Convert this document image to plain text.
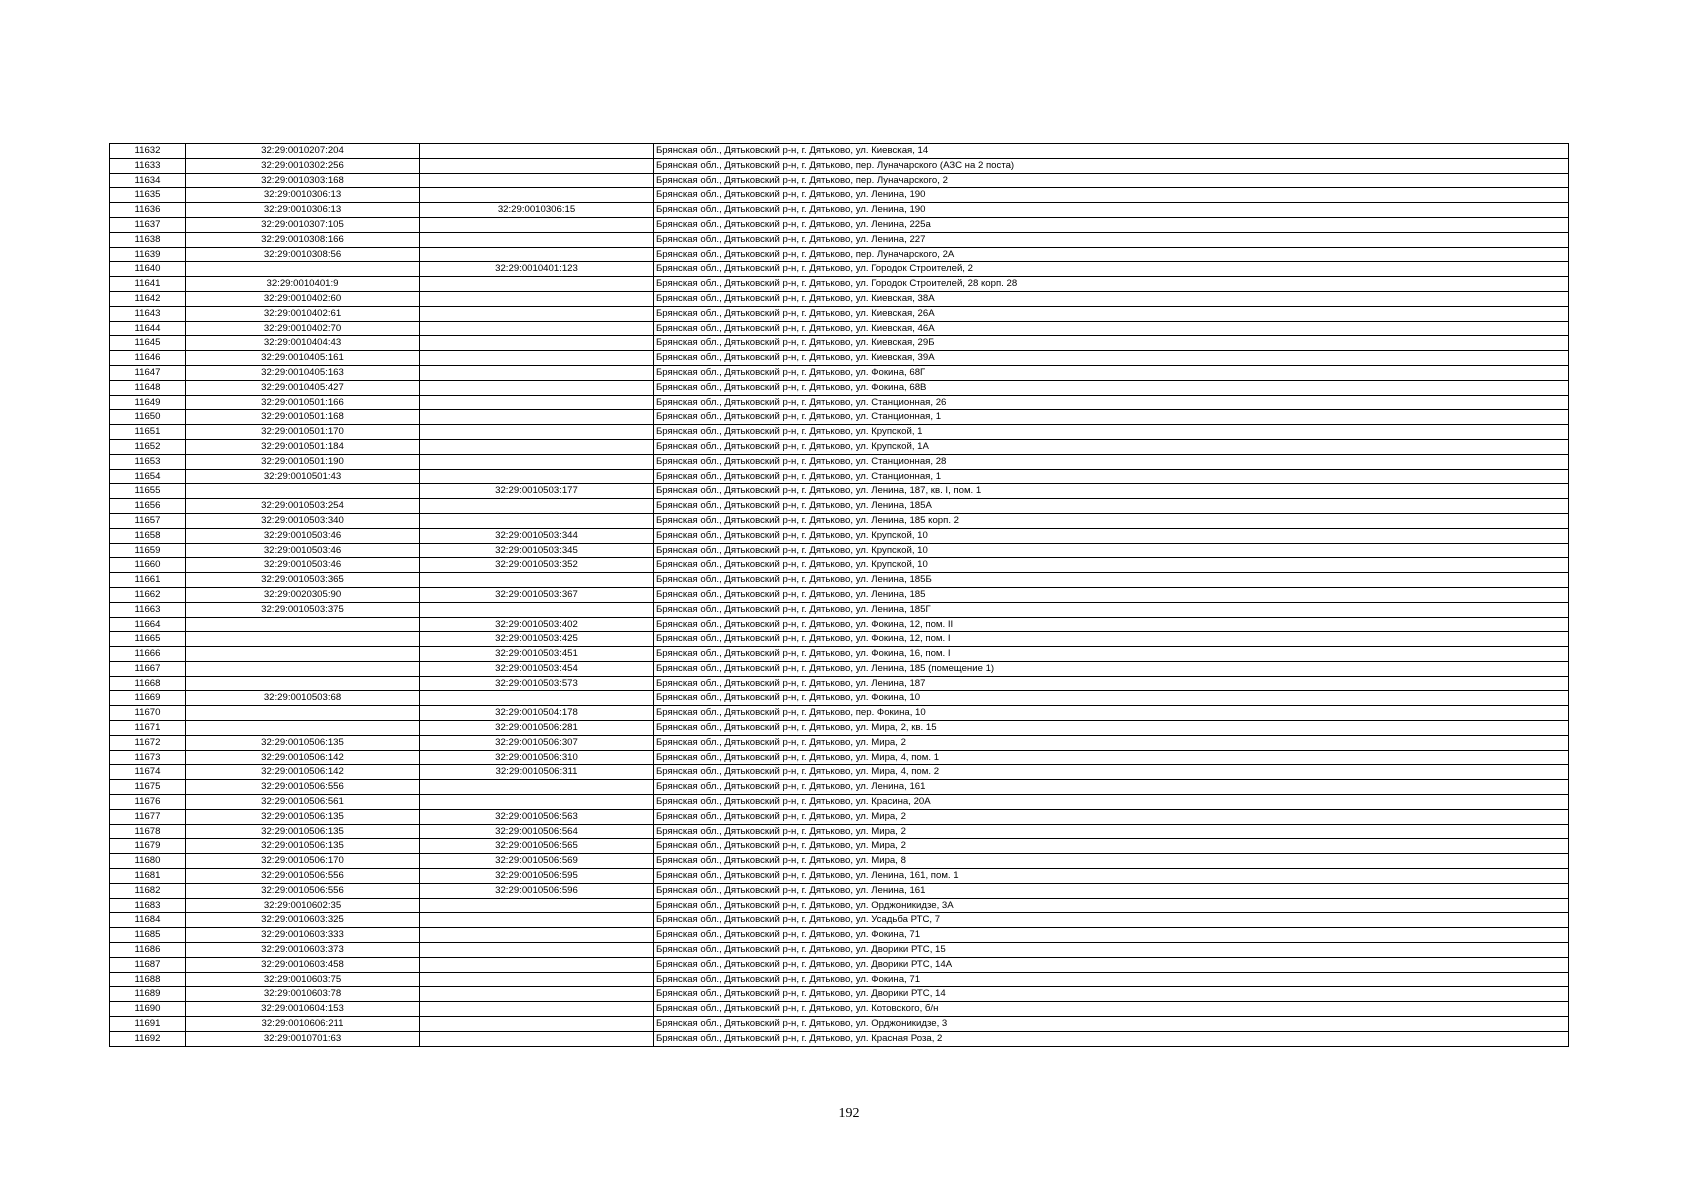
11632	32:29:0010207:204		Брянская обл., Дятьковский р-н, г. Дятьково, ул. Киевская, 14
11633	32:29:0010302:256		Брянская обл., Дятьковский р-н, г. Дятьково, пер. Луначарского (АЗС на 2 поста)
11634	32:29:0010303:168		Брянская обл., Дятьковский р-н, г. Дятьково, пер. Луначарского, 2
11635	32:29:0010306:13		Брянская обл., Дятьковский р-н, г. Дятьково, ул. Ленина, 190
11636	32:29:0010306:13	32:29:0010306:15	Брянская обл., Дятьковский р-н, г. Дятьково, ул. Ленина, 190
11637	32:29:0010307:105		Брянская обл., Дятьковский р-н, г. Дятьково, ул. Ленина, 225а
11638	32:29:0010308:166		Брянская обл., Дятьковский р-н, г. Дятьково, ул. Ленина, 227
11639	32:29:0010308:56		Брянская обл., Дятьковский р-н, г. Дятьково, пер. Луначарского, 2А
11640		32:29:0010401:123	Брянская обл., Дятьковский р-н, г. Дятьково, ул. Городок Строителей, 2
11641	32:29:0010401:9		Брянская обл., Дятьковский р-н, г. Дятьково, ул. Городок Строителей, 28 корп. 28
11642	32:29:0010402:60		Брянская обл., Дятьковский р-н, г. Дятьково, ул. Киевская, 38А
11643	32:29:0010402:61		Брянская обл., Дятьковский р-н, г. Дятьково, ул. Киевская, 26А
11644	32:29:0010402:70		Брянская обл., Дятьковский р-н, г. Дятьково, ул. Киевская, 46А
11645	32:29:0010404:43		Брянская обл., Дятьковский р-н, г. Дятьково, ул. Киевская, 29Б
11646	32:29:0010405:161		Брянская обл., Дятьковский р-н, г. Дятьково, ул. Киевская, 39А
11647	32:29:0010405:163		Брянская обл., Дятьковский р-н, г. Дятьково, ул. Фокина, 68Г
11648	32:29:0010405:427		Брянская обл., Дятьковский р-н, г. Дятьково, ул. Фокина, 68В
11649	32:29:0010501:166		Брянская обл., Дятьковский р-н, г. Дятьково, ул. Станционная, 26
11650	32:29:0010501:168		Брянская обл., Дятьковский р-н, г. Дятьково, ул. Станционная, 1
11651	32:29:0010501:170		Брянская обл., Дятьковский р-н, г. Дятьково, ул. Крупской, 1
11652	32:29:0010501:184		Брянская обл., Дятьковский р-н, г. Дятьково, ул. Крупской, 1А
11653	32:29:0010501:190		Брянская обл., Дятьковский р-н, г. Дятьково, ул. Станционная, 28
11654	32:29:0010501:43		Брянская обл., Дятьковский р-н, г. Дятьково, ул. Станционная, 1
11655		32:29:0010503:177	Брянская обл., Дятьковский р-н, г. Дятьково, ул. Ленина, 187, кв. I, пом. 1
11656	32:29:0010503:254		Брянская обл., Дятьковский р-н, г. Дятьково, ул. Ленина, 185А
11657	32:29:0010503:340		Брянская обл., Дятьковский р-н, г. Дятьково, ул. Ленина, 185 корп. 2
11658	32:29:0010503:46	32:29:0010503:344	Брянская обл., Дятьковский р-н, г. Дятьково, ул. Крупской, 10
11659	32:29:0010503:46	32:29:0010503:345	Брянская обл., Дятьковский р-н, г. Дятьково, ул. Крупской, 10
11660	32:29:0010503:46	32:29:0010503:352	Брянская обл., Дятьковский р-н, г. Дятьково, ул. Крупской, 10
11661	32:29:0010503:365		Брянская обл., Дятьковский р-н, г. Дятьково, ул. Ленина, 185Б
11662	32:29:0020305:90	32:29:0010503:367	Брянская обл., Дятьковский р-н, г. Дятьково, ул. Ленина, 185
11663	32:29:0010503:375		Брянская обл., Дятьковский р-н, г. Дятьково, ул. Ленина, 185Г
11664		32:29:0010503:402	Брянская обл., Дятьковский р-н, г. Дятьково, ул. Фокина, 12, пом. II
11665		32:29:0010503:425	Брянская обл., Дятьковский р-н, г. Дятьково, ул. Фокина, 12, пом. I
11666		32:29:0010503:451	Брянская обл., Дятьковский р-н, г. Дятьково, ул. Фокина, 16, пом. I
11667		32:29:0010503:454	Брянская обл., Дятьковский р-н, г. Дятьково, ул. Ленина, 185 (помещение 1)
11668		32:29:0010503:573	Брянская обл., Дятьковский р-н, г. Дятьково, ул. Ленина, 187
11669	32:29:0010503:68		Брянская обл., Дятьковский р-н, г. Дятьково, ул. Фокина, 10
11670		32:29:0010504:178	Брянская обл., Дятьковский р-н, г. Дятьково, пер. Фокина, 10
11671		32:29:0010506:281	Брянская обл., Дятьковский р-н, г. Дятьково, ул. Мира, 2, кв. 15
11672	32:29:0010506:135	32:29:0010506:307	Брянская обл., Дятьковский р-н, г. Дятьково, ул. Мира, 2
11673	32:29:0010506:142	32:29:0010506:310	Брянская обл., Дятьковский р-н, г. Дятьково, ул. Мира, 4, пом. 1
11674	32:29:0010506:142	32:29:0010506:311	Брянская обл., Дятьковский р-н, г. Дятьково, ул. Мира, 4, пом. 2
11675	32:29:0010506:556		Брянская обл., Дятьковский р-н, г. Дятьково, ул. Ленина, 161
11676	32:29:0010506:561		Брянская обл., Дятьковский р-н, г. Дятьково, ул. Красина, 20А
11677	32:29:0010506:135	32:29:0010506:563	Брянская обл., Дятьковский р-н, г. Дятьково, ул. Мира, 2
11678	32:29:0010506:135	32:29:0010506:564	Брянская обл., Дятьковский р-н, г. Дятьково, ул. Мира, 2
11679	32:29:0010506:135	32:29:0010506:565	Брянская обл., Дятьковский р-н, г. Дятьково, ул. Мира, 2
11680	32:29:0010506:170	32:29:0010506:569	Брянская обл., Дятьковский р-н, г. Дятьково, ул. Мира, 8
11681	32:29:0010506:556	32:29:0010506:595	Брянская обл., Дятьковский р-н, г. Дятьково, ул. Ленина, 161, пом. 1
11682	32:29:0010506:556	32:29:0010506:596	Брянская обл., Дятьковский р-н, г. Дятьково, ул. Ленина, 161
11683	32:29:0010602:35		Брянская обл., Дятьковский р-н, г. Дятьково, ул. Орджоникидзе, 3А
11684	32:29:0010603:325		Брянская обл., Дятьковский р-н, г. Дятьково, ул. Усадьба РТС, 7
11685	32:29:0010603:333		Брянская обл., Дятьковский р-н, г. Дятьково, ул. Фокина, 71
11686	32:29:0010603:373		Брянская обл., Дятьковский р-н, г. Дятьково, ул. Дворики РТС, 15
11687	32:29:0010603:458		Брянская обл., Дятьковский р-н, г. Дятьково, ул. Дворики РТС, 14А
11688	32:29:0010603:75		Брянская обл., Дятьковский р-н, г. Дятьково, ул. Фокина, 71
11689	32:29:0010603:78		Брянская обл., Дятьковский р-н, г. Дятьково, ул. Дворики РТС, 14
11690	32:29:0010604:153		Брянская обл., Дятьковский р-н, г. Дятьково, ул. Котовского, б/н
11691	32:29:0010606:211		Брянская обл., Дятьковский р-н, г. Дятьково, ул. Орджоникидзе, 3
11692	32:29:0010701:63		Брянская обл., Дятьковский р-н, г. Дятьково, ул. Красная Роза, 2
192
